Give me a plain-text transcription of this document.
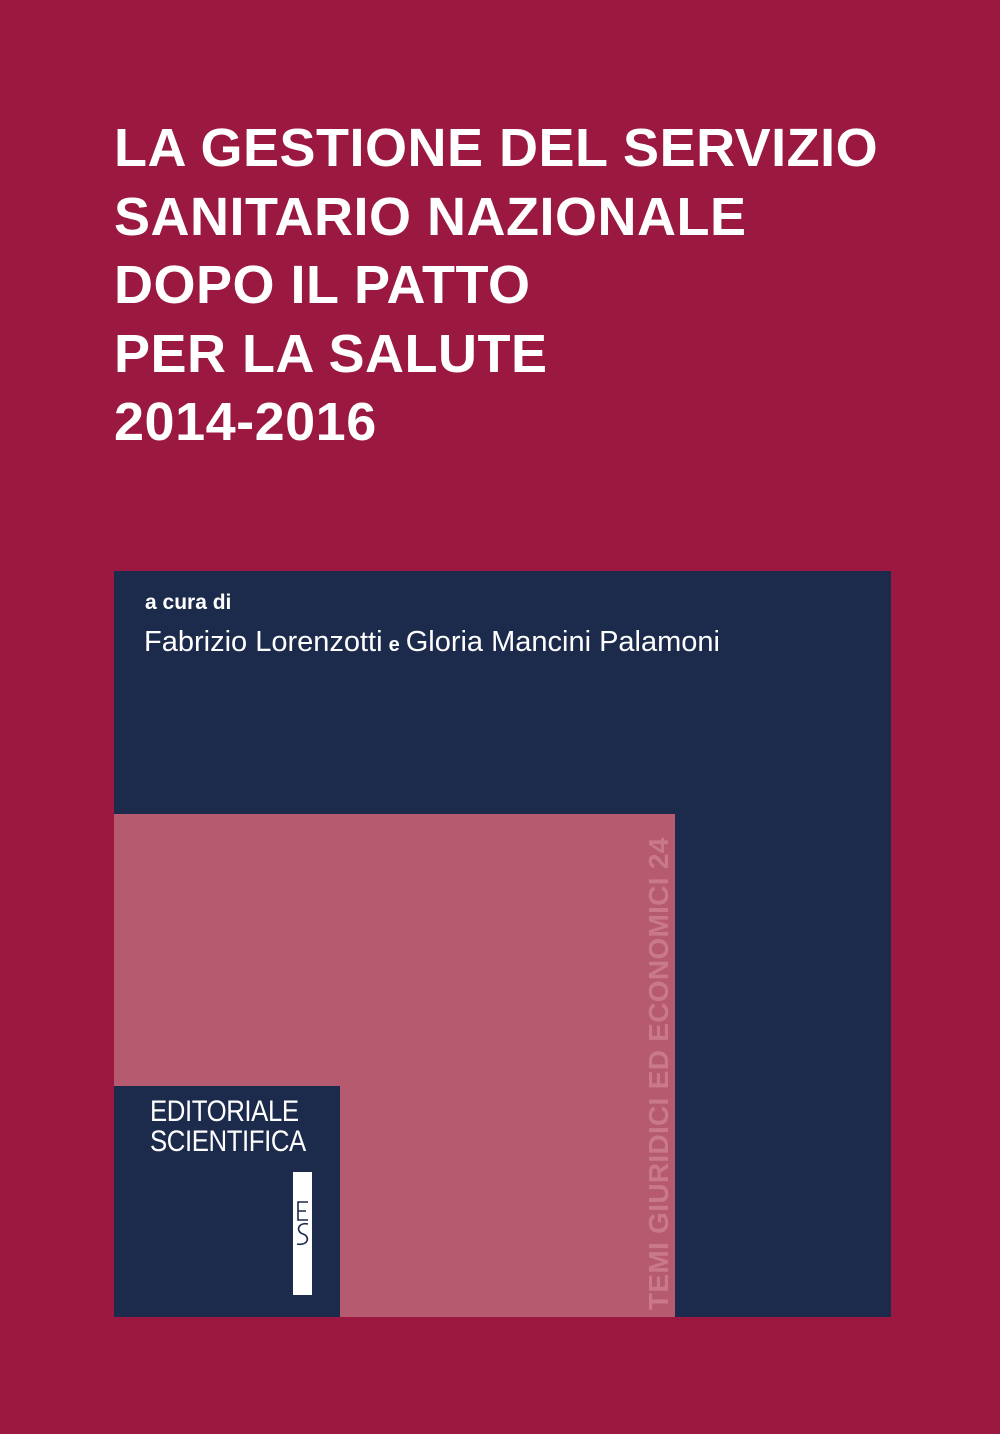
LA GESTIONE DEL SERVIZIO
SANITARIO NAZIONALE
DOPO IL PATTO
PER LA SALUTE
2014-2016
a cura di
Fabrizio Lorenzotti e Gloria Mancini Palamoni
TEMI GIURIDICI ED ECONOMICI 24
EDITORIALE
SCIENTIFICA
